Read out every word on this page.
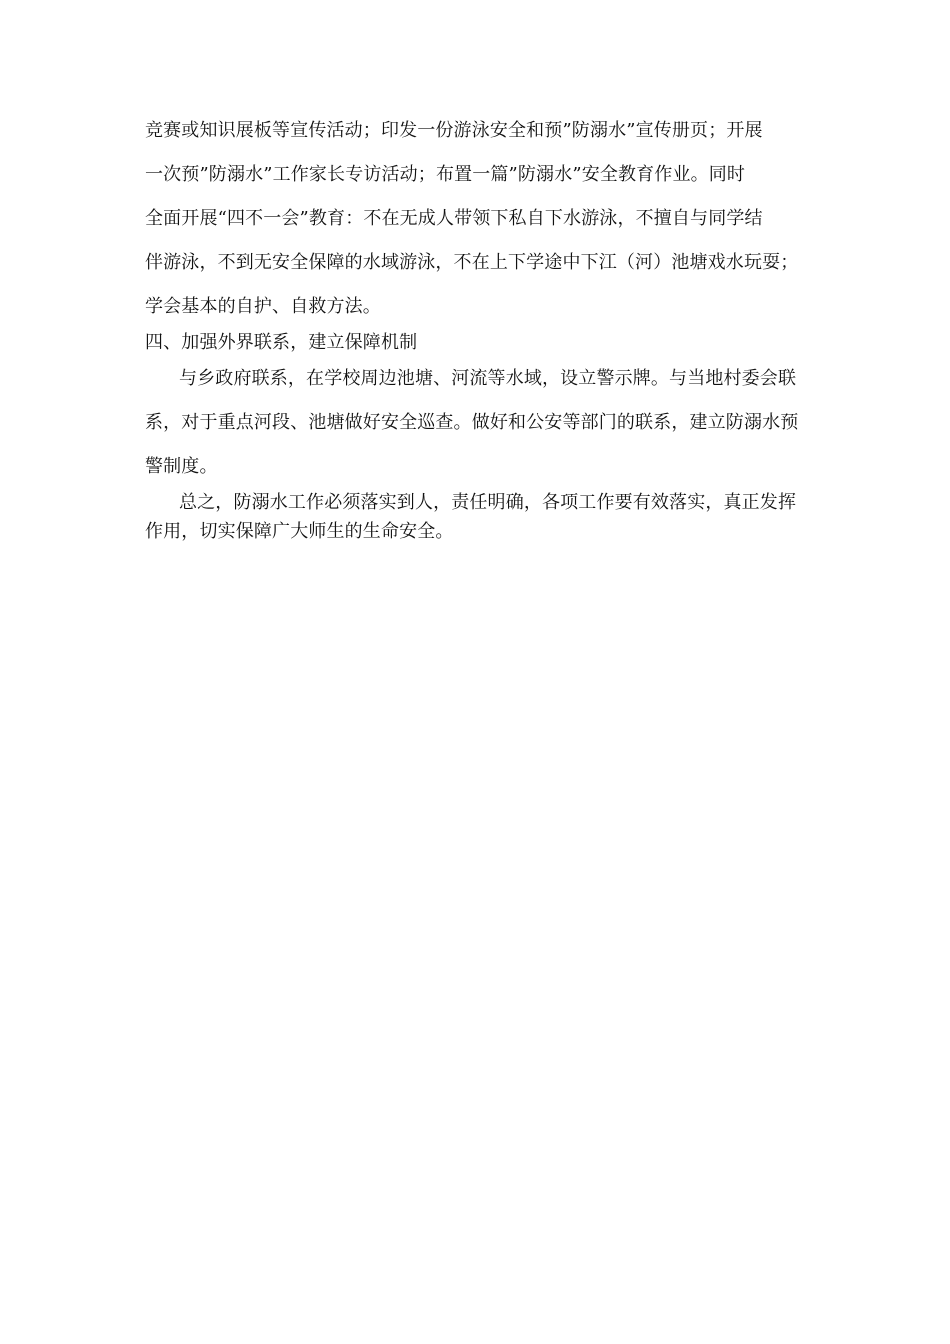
竞赛或知识展板等宣传活动；印发一份游泳安全和预”防溺水”宣传册页；开展
一次预”防溺水”工作家长专访活动；布置一篇”防溺水”安全教育作业。同时
全面开展“四不一会”教育：不在无成人带领下私自下水游泳，不擅自与同学结
伴游泳，不到无安全保障的水域游泳，不在上下学途中下江（河）池塘戏水玩耍；
学会基本的自护、自救方法。
四、加强外界联系，建立保障机制
与乡政府联系，在学校周边池塘、河流等水域，设立警示牌。与当地村委会联
系，对于重点河段、池塘做好安全巡查。做好和公安等部门的联系，建立防溺水预
警制度。
总之，防溺水工作必须落实到人，责任明确，各项工作要有效落实，真正发挥
作用，切实保障广大师生的生命安全。
